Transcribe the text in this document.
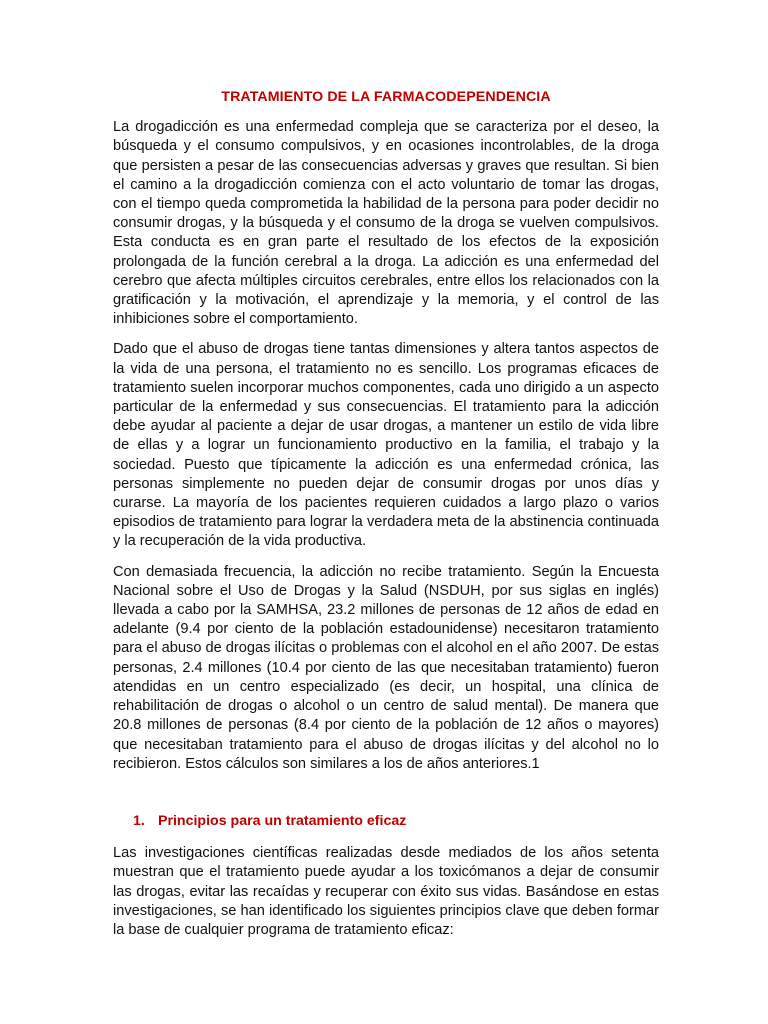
TRATAMIENTO DE LA FARMACODEPENDENCIA

La drogadicción es una enfermedad compleja que se caracteriza por el deseo, la búsqueda y el consumo compulsivos, y en ocasiones incontrolables, de la droga que persisten a pesar de las consecuencias adversas y graves que resultan. Si bien el camino a la drogadicción comienza con el acto voluntario de tomar las drogas, con el tiempo queda comprometida la habilidad de la persona para poder decidir no consumir drogas, y la búsqueda y el consumo de la droga se vuelven compulsivos. Esta conducta es en gran parte el resultado de los efectos de la exposición prolongada de la función cerebral a la droga. La adicción es una enfermedad del cerebro que afecta múltiples circuitos cerebrales, entre ellos los relacionados con la gratificación y la motivación, el aprendizaje y la memoria, y el control de las inhibiciones sobre el comportamiento.

Dado que el abuso de drogas tiene tantas dimensiones y altera tantos aspectos de la vida de una persona, el tratamiento no es sencillo. Los programas eficaces de tratamiento suelen incorporar muchos componentes, cada uno dirigido a un aspecto particular de la enfermedad y sus consecuencias. El tratamiento para la adicción debe ayudar al paciente a dejar de usar drogas, a mantener un estilo de vida libre de ellas y a lograr un funcionamiento productivo en la familia, el trabajo y la sociedad. Puesto que típicamente la adicción es una enfermedad crónica, las personas simplemente no pueden dejar de consumir drogas por unos días y curarse. La mayoría de los pacientes requieren cuidados a largo plazo o varios episodios de tratamiento para lograr la verdadera meta de la abstinencia continuada y la recuperación de la vida productiva.

Con demasiada frecuencia, la adicción no recibe tratamiento. Según la Encuesta Nacional sobre el Uso de Drogas y la Salud (NSDUH, por sus siglas en inglés) llevada a cabo por la SAMHSA, 23.2 millones de personas de 12 años de edad en adelante (9.4 por ciento de la población estadounidense) necesitaron tratamiento para el abuso de drogas ilícitas o problemas con el alcohol en el año 2007. De estas personas, 2.4 millones (10.4 por ciento de las que necesitaban tratamiento) fueron atendidas en un centro especializado (es decir, un hospital, una clínica de rehabilitación de drogas o alcohol o un centro de salud mental). De manera que 20.8 millones de personas (8.4 por ciento de la población de 12 años o mayores) que necesitaban tratamiento para el abuso de drogas ilícitas y del alcohol no lo recibieron. Estos cálculos son similares a los de años anteriores.1

1. Principios para un tratamiento eficaz

Las investigaciones científicas realizadas desde mediados de los años setenta muestran que el tratamiento puede ayudar a los toxicómanos a dejar de consumir las drogas, evitar las recaídas y recuperar con éxito sus vidas. Basándose en estas investigaciones, se han identificado los siguientes principios clave que deben formar la base de cualquier programa de tratamiento eficaz:
